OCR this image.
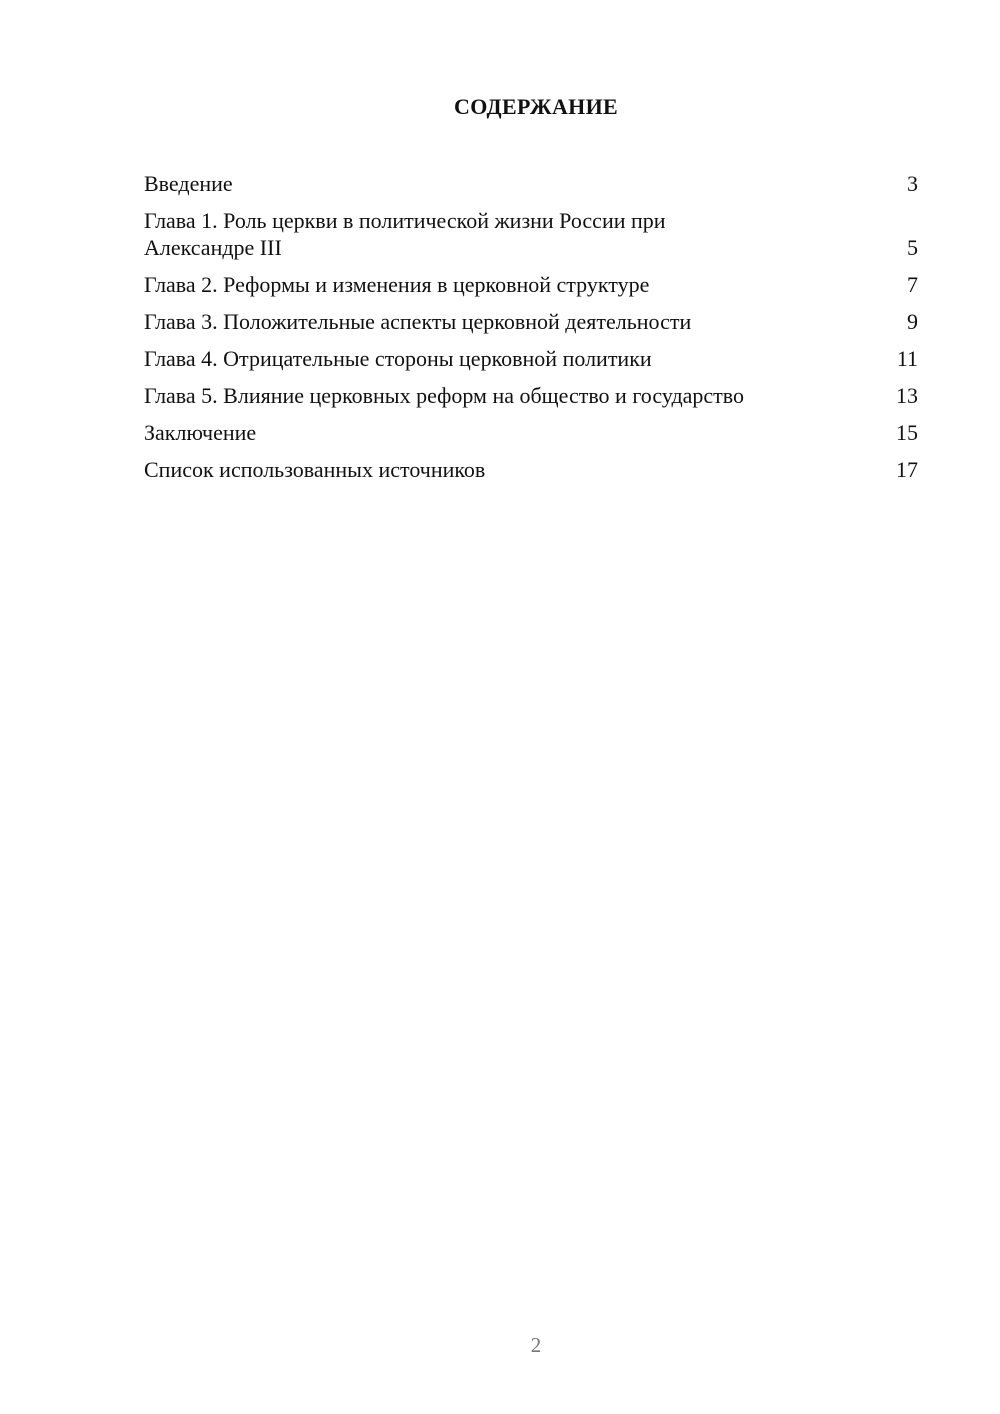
СОДЕРЖАНИЕ
Введение	3
Глава 1. Роль церкви в политической жизни России при Александре III	5
Глава 2. Реформы и изменения в церковной структуре	7
Глава 3. Положительные аспекты церковной деятельности	9
Глава 4. Отрицательные стороны церковной политики	11
Глава 5. Влияние церковных реформ на общество и государство	13
Заключение	15
Список использованных источников	17
2
